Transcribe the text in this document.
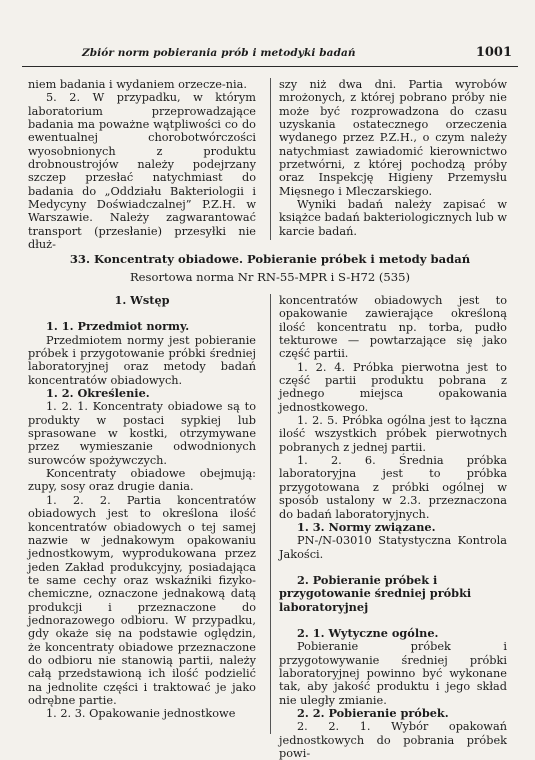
Zbiór norm pobierania prób i metodyki badań	1001

niem badania i wydaniem orzecze-nia.

5. 2. W przypadku, w którym laboratorium przeprowadzające badania ma poważne wątpliwości co do ewentualnej chorobotwórczości wyosobnionych z produktu drobnoustrojów należy podejrzany szczep przesłać natychmiast do badania do „Oddziału Bakteriologii i Medycyny Doświadczalnej” P.Z.H. w Warszawie. Należy zagwarantować transport (przesłanie) przesyłki nie dłuż-

szy niż dwa dni. Partia wyrobów mrożonych, z której pobrano próby nie może być rozprowadzona do czasu uzyskania ostatecznego orzeczenia wydanego przez P.Z.H., o czym należy natychmiast zawiadomić kierownictwo przetwórni, z której pochodzą próby oraz Inspekcję Higieny Przemysłu Mięsnego i Mleczarskiego.

Wyniki badań należy zapisać w książce badań bakteriologicznych lub w karcie badań.

33. Koncentraty obiadowe. Pobieranie próbek i metody badań
Resortowa norma Nr RN-55-MPR i S-H72 (535)
1. Wstęp
1. 1. Przedmiot normy.

Przedmiotem normy jest pobieranie próbek i przygotowanie próbki średniej laboratoryjnej oraz metody badań koncentratów obiadowych.

1. 2. Określenie.

1. 2. 1. Koncentraty obiadowe są to produkty w postaci sypkiej lub sprasowane w kostki, otrzymywane przez wymieszanie odwodnionych surowców spożywczych.

Koncentraty obiadowe obejmują: zupy, sosy oraz drugie dania.

1. 2. 2. Partia koncentratów obiadowych jest to określona ilość koncentratów obiadowych o tej samej nazwie w jednakowym opakowaniu jednostkowym, wyprodukowana przez jeden Zakład produkcyjny, posiadająca te same cechy oraz wskaźniki fizyko-chemiczne, oznaczone jednakową datą produkcji i przeznaczone do jednorazowego odbioru. W przypadku, gdy okaże się na podstawie oględzin, że koncentraty obiadowe przeznaczone do odbioru nie stanowią partii, należy całą przedstawioną ich ilość podzielić na jednolite części i traktować je jako odrębne partie.

1. 2. 3. Opakowanie jednostkowe

koncentratów obiadowych jest to opakowanie zawierające określoną ilość koncentratu np. torba, pudło tekturowe — powtarzające się jako część partii.

1. 2. 4. Próbka pierwotna jest to część partii produktu pobrana z jednego miejsca opakowania jednostkowego.

1. 2. 5. Próbka ogólna jest to łączna ilość wszystkich próbek pierwotnych pobranych z jednej partii.

1. 2. 6. Średnia próbka laboratoryjna jest to próbka przygotowana z próbki ogólnej w sposób ustalony w 2.3. przeznaczona do badań laboratoryjnych.

1. 3. Normy związane.

PN-/N-03010 Statystyczna Kontrola Jakości.

2. Pobieranie próbek i przygotowanie średniej próbki laboratoryjnej
2. 1. Wytyczne ogólne.

Pobieranie próbek i przygotowywanie średniej próbki laboratoryjnej powinno być wykonane tak, aby jakość produktu i jego skład nie uległy zmianie.

2. 2. Pobieranie próbek.

2. 2. 1. Wybór opakowań jednostkowych do pobrania próbek powi-
